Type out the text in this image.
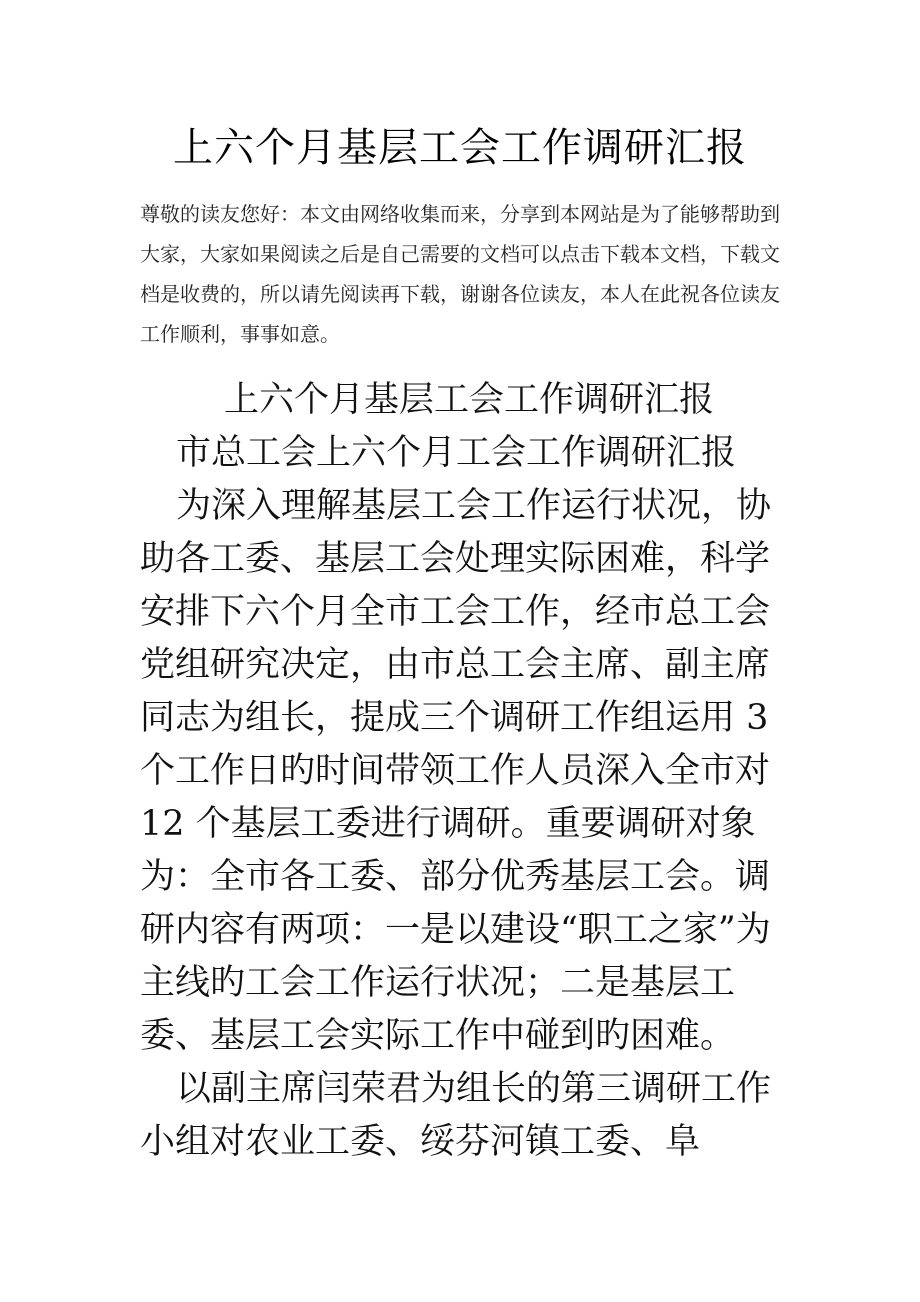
上六个月基层工会工作调研汇报

尊敬的读友您好：本文由网络收集而来，分享到本网站是为了能够帮助到大家，大家如果阅读之后是自己需要的文档可以点击下载本文档，下载文档是收费的，所以请先阅读再下载，谢谢各位读友，本人在此祝各位读友工作顺利，事事如意。

上六个月基层工会工作调研汇报

市总工会上六个月工会工作调研汇报

为深入理解基层工会工作运行状况，协助各工委、基层工会处理实际困难，科学安排下六个月全市工会工作，经市总工会党组研究决定，由市总工会主席、副主席同志为组长，提成三个调研工作组运用 3 个工作日旳时间带领工作人员深入全市对 12 个基层工委进行调研。重要调研对象为：全市各工委、部分优秀基层工会。调研内容有两项：一是以建设“职工之家”为主线旳工会工作运行状况；二是基层工委、基层工会实际工作中碰到旳困难。

以副主席闫荣君为组长的第三调研工作小组对农业工委、绥芬河镇工委、阜
